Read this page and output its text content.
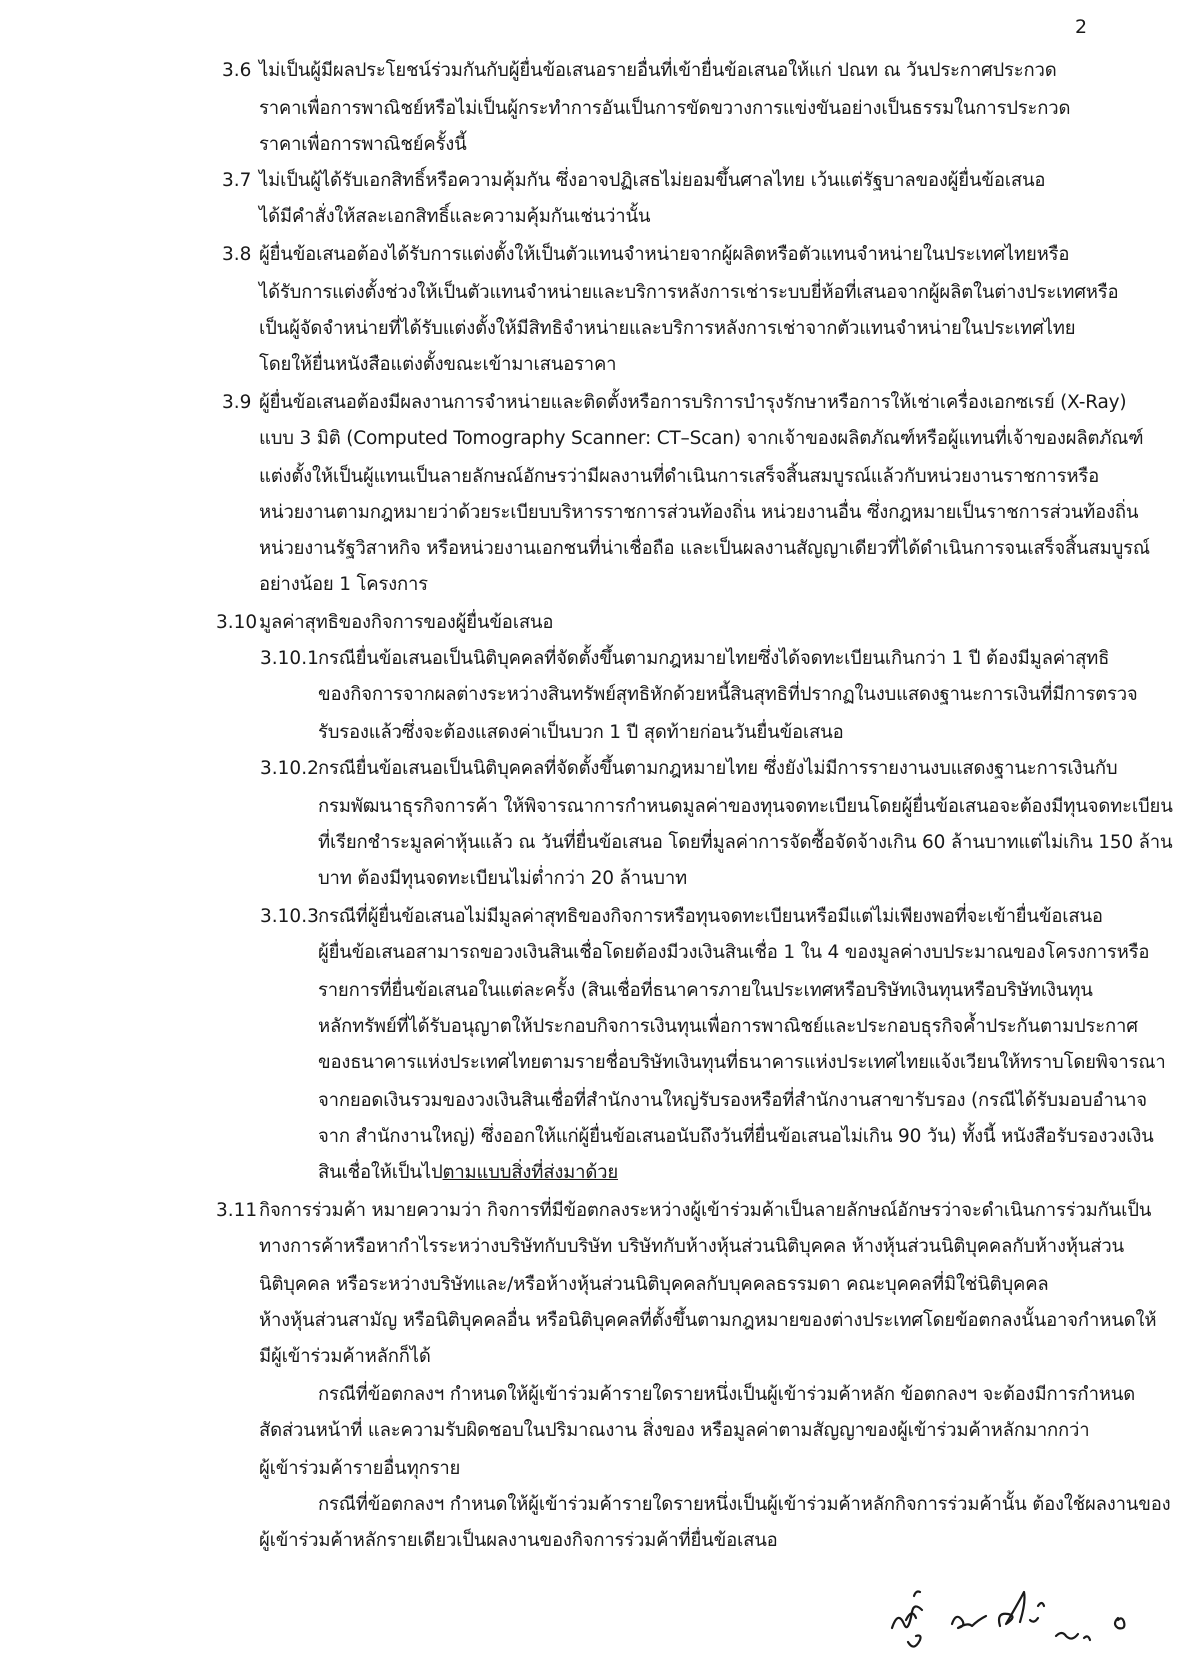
2
3.6 ไม่เป็นผู้มีผลประโยชน์ร่วมกันกับผู้ยื่นข้อเสนอรายอื่นที่เข้ายื่นข้อเสนอให้แก่ ปณท ณ วันประกาศประกวด
ราคาเพื่อการพาณิชย์หรือไม่เป็นผู้กระทำการอันเป็นการขัดขวางการแข่งขันอย่างเป็นธรรมในการประกวด
ราคาเพื่อการพาณิชย์ครั้งนี้
3.7 ไม่เป็นผู้ได้รับเอกสิทธิ์หรือความคุ้มกัน ซึ่งอาจปฏิเสธไม่ยอมขึ้นศาลไทย เว้นแต่รัฐบาลของผู้ยื่นข้อเสนอ
ได้มีคำสั่งให้สละเอกสิทธิ์และความคุ้มกันเช่นว่านั้น
3.8 ผู้ยื่นข้อเสนอต้องได้รับการแต่งตั้งให้เป็นตัวแทนจำหน่ายจากผู้ผลิตหรือตัวแทนจำหน่ายในประเทศไทยหรือ
ได้รับการแต่งตั้งช่วงให้เป็นตัวแทนจำหน่ายและบริการหลังการเช่าระบบยี่ห้อที่เสนอจากผู้ผลิตในต่างประเทศหรือ
เป็นผู้จัดจำหน่ายที่ได้รับแต่งตั้งให้มีสิทธิจำหน่ายและบริการหลังการเช่าจากตัวแทนจำหน่ายในประเทศไทย
โดยให้ยื่นหนังสือแต่งตั้งขณะเข้ามาเสนอราคา
3.9 ผู้ยื่นข้อเสนอต้องมีผลงานการจำหน่ายและติดตั้งหรือการบริการบำรุงรักษาหรือการให้เช่าเครื่องเอกซเรย์ (X-Ray)
แบบ 3 มิติ (Computed Tomography Scanner: CT–Scan) จากเจ้าของผลิตภัณฑ์หรือผู้แทนที่เจ้าของผลิตภัณฑ์
แต่งตั้งให้เป็นผู้แทนเป็นลายลักษณ์อักษรว่ามีผลงานที่ดำเนินการเสร็จสิ้นสมบูรณ์แล้วกับหน่วยงานราชการหรือ
หน่วยงานตามกฎหมายว่าด้วยระเบียบบริหารราชการส่วนท้องถิ่น หน่วยงานอื่น ซึ่งกฎหมายเป็นราชการส่วนท้องถิ่น
หน่วยงานรัฐวิสาหกิจ หรือหน่วยงานเอกชนที่น่าเชื่อถือ และเป็นผลงานสัญญาเดียวที่ได้ดำเนินการจนเสร็จสิ้นสมบูรณ์
อย่างน้อย 1 โครงการ
3.10 มูลค่าสุทธิของกิจการของผู้ยื่นข้อเสนอ
3.10.1 กรณียื่นข้อเสนอเป็นนิติบุคคลที่จัดตั้งขึ้นตามกฎหมายไทยซึ่งได้จดทะเบียนเกินกว่า 1 ปี ต้องมีมูลค่าสุทธิ
ของกิจการจากผลต่างระหว่างสินทรัพย์สุทธิหักด้วยหนี้สินสุทธิที่ปรากฏในงบแสดงฐานะการเงินที่มีการตรวจ
รับรองแล้วซึ่งจะต้องแสดงค่าเป็นบวก 1 ปี สุดท้ายก่อนวันยื่นข้อเสนอ
3.10.2 กรณียื่นข้อเสนอเป็นนิติบุคคลที่จัดตั้งขึ้นตามกฎหมายไทย ซึ่งยังไม่มีการรายงานงบแสดงฐานะการเงินกับ
กรมพัฒนาธุรกิจการค้า ให้พิจารณาการกำหนดมูลค่าของทุนจดทะเบียนโดยผู้ยื่นข้อเสนอจะต้องมีทุนจดทะเบียน
ที่เรียกชำระมูลค่าหุ้นแล้ว ณ วันที่ยื่นข้อเสนอ โดยที่มูลค่าการจัดซื้อจัดจ้างเกิน 60 ล้านบาทแต่ไม่เกิน 150 ล้าน
บาท ต้องมีทุนจดทะเบียนไม่ต่ำกว่า 20 ล้านบาท
3.10.3 กรณีที่ผู้ยื่นข้อเสนอไม่มีมูลค่าสุทธิของกิจการหรือทุนจดทะเบียนหรือมีแต่ไม่เพียงพอที่จะเข้ายื่นข้อเสนอ
ผู้ยื่นข้อเสนอสามารถขอวงเงินสินเชื่อโดยต้องมีวงเงินสินเชื่อ 1 ใน 4 ของมูลค่างบประมาณของโครงการหรือ
รายการที่ยื่นข้อเสนอในแต่ละครั้ง (สินเชื่อที่ธนาคารภายในประเทศหรือบริษัทเงินทุนหรือบริษัทเงินทุน
หลักทรัพย์ที่ได้รับอนุญาตให้ประกอบกิจการเงินทุนเพื่อการพาณิชย์และประกอบธุรกิจค้ำประกันตามประกาศ
ของธนาคารแห่งประเทศไทยตามรายชื่อบริษัทเงินทุนที่ธนาคารแห่งประเทศไทยแจ้งเวียนให้ทราบโดยพิจารณา
จากยอดเงินรวมของวงเงินสินเชื่อที่สำนักงานใหญ่รับรองหรือที่สำนักงานสาขารับรอง (กรณีได้รับมอบอำนาจ
จาก สำนักงานใหญ่) ซึ่งออกให้แก่ผู้ยื่นข้อเสนอนับถึงวันที่ยื่นข้อเสนอไม่เกิน 90 วัน) ทั้งนี้ หนังสือรับรองวงเงิน
สินเชื่อให้เป็นไปตามแบบสิ่งที่ส่งมาด้วย
3.11 กิจการร่วมค้า หมายความว่า กิจการที่มีข้อตกลงระหว่างผู้เข้าร่วมค้าเป็นลายลักษณ์อักษรว่าจะดำเนินการร่วมกันเป็น
ทางการค้าหรือหากำไรระหว่างบริษัทกับบริษัท บริษัทกับห้างหุ้นส่วนนิติบุคคล ห้างหุ้นส่วนนิติบุคคลกับห้างหุ้นส่วน
นิติบุคคล หรือระหว่างบริษัทและ/หรือห้างหุ้นส่วนนิติบุคคลกับบุคคลธรรมดา คณะบุคคลที่มิใช่นิติบุคคล
ห้างหุ้นส่วนสามัญ หรือนิติบุคคลอื่น หรือนิติบุคคลที่ตั้งขึ้นตามกฎหมายของต่างประเทศโดยข้อตกลงนั้นอาจกำหนดให้
มีผู้เข้าร่วมค้าหลักก็ได้
กรณีที่ข้อตกลงฯ กำหนดให้ผู้เข้าร่วมค้ารายใดรายหนึ่งเป็นผู้เข้าร่วมค้าหลัก ข้อตกลงฯ จะต้องมีการกำหนด
สัดส่วนหน้าที่ และความรับผิดชอบในปริมาณงาน สิ่งของ หรือมูลค่าตามสัญญาของผู้เข้าร่วมค้าหลักมากกว่า
ผู้เข้าร่วมค้ารายอื่นทุกราย
กรณีที่ข้อตกลงฯ กำหนดให้ผู้เข้าร่วมค้ารายใดรายหนึ่งเป็นผู้เข้าร่วมค้าหลักกิจการร่วมค้านั้น ต้องใช้ผลงานของ
ผู้เข้าร่วมค้าหลักรายเดียวเป็นผลงานของกิจการร่วมค้าที่ยื่นข้อเสนอ
